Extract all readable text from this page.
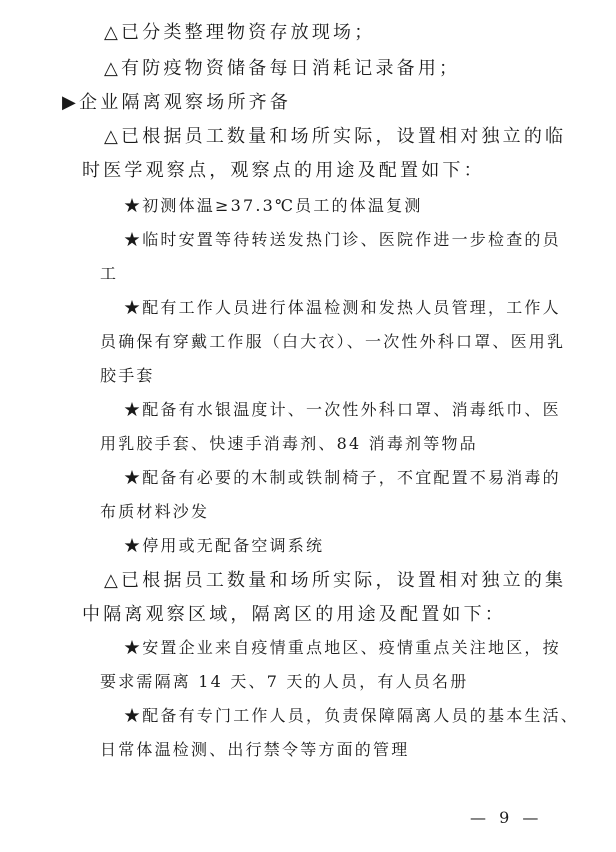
△已分类整理物资存放现场；
△有防疫物资储备每日消耗记录备用；
▶企业隔离观察场所齐备
△已根据员工数量和场所实际，设置相对独立的临
时医学观察点，观察点的用途及配置如下：
★初测体温≥37.3℃员工的体温复测
★临时安置等待转送发热门诊、医院作进一步检查的员
工
★配有工作人员进行体温检测和发热人员管理，工作人
员确保有穿戴工作服（白大衣）、一次性外科口罩、医用乳
胶手套
★配备有水银温度计、一次性外科口罩、消毒纸巾、医
用乳胶手套、快速手消毒剂、84 消毒剂等物品
★配备有必要的木制或铁制椅子，不宜配置不易消毒的
布质材料沙发
★停用或无配备空调系统
△已根据员工数量和场所实际，设置相对独立的集
中隔离观察区域，隔离区的用途及配置如下：
★安置企业来自疫情重点地区、疫情重点关注地区，按
要求需隔离 14 天、7 天的人员，有人员名册
★配备有专门工作人员，负责保障隔离人员的基本生活、
日常体温检测、出行禁令等方面的管理
— 9 —
